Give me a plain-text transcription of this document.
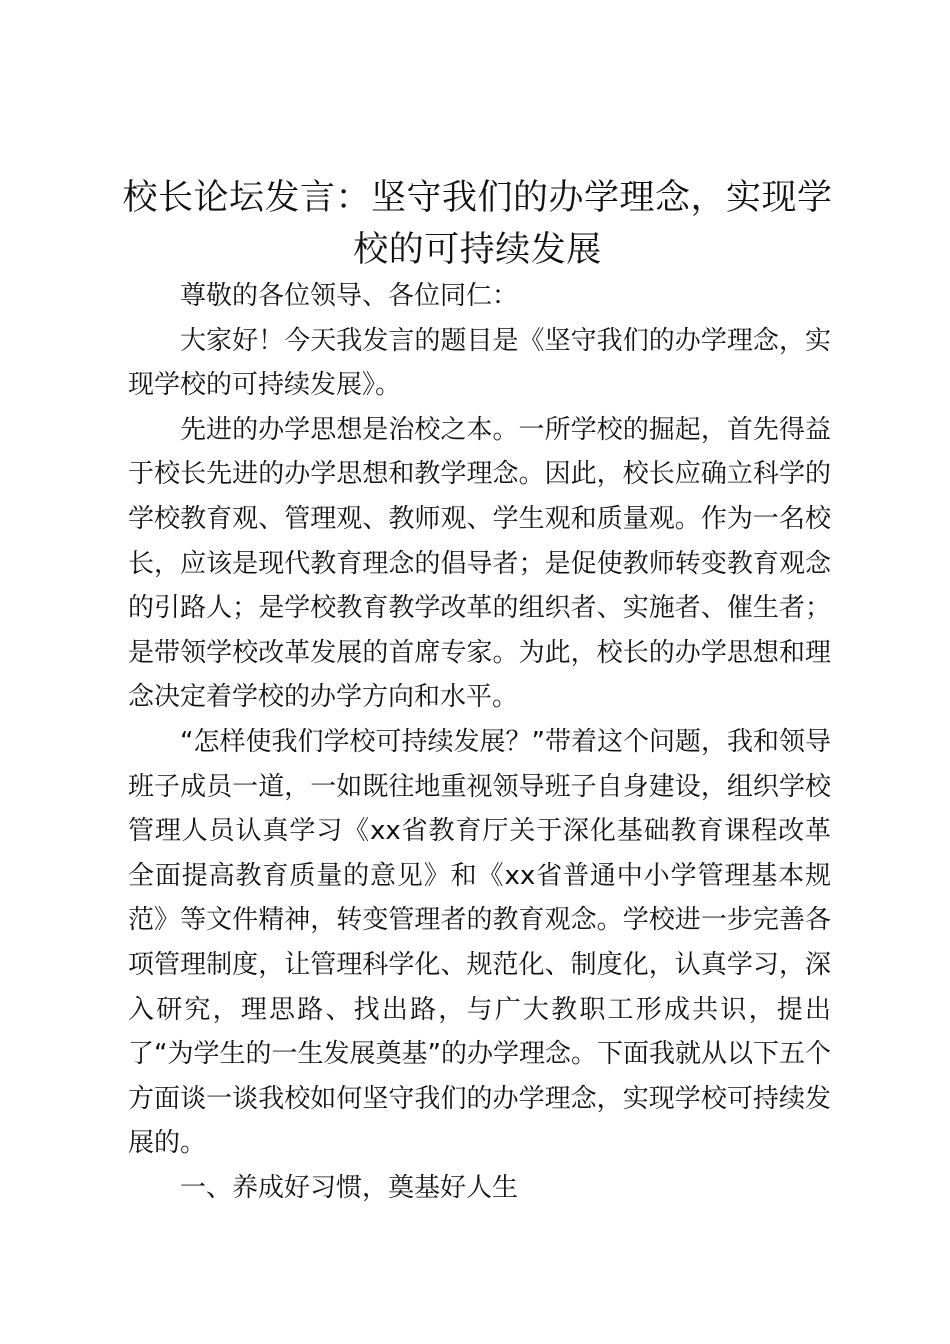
校长论坛发言：坚守我们的办学理念，实现学校的可持续发展

尊敬的各位领导、各位同仁：

大家好！今天我发言的题目是《坚守我们的办学理念，实现学校的可持续发展》。

先进的办学思想是治校之本。一所学校的掘起，首先得益于校长先进的办学思想和教学理念。因此，校长应确立科学的学校教育观、管理观、教师观、学生观和质量观。作为一名校长，应该是现代教育理念的倡导者；是促使教师转变教育观念的引路人；是学校教育教学改革的组织者、实施者、催生者；是带领学校改革发展的首席专家。为此，校长的办学思想和理念决定着学校的办学方向和水平。

“怎样使我们学校可持续发展？”带着这个问题，我和领导班子成员一道，一如既往地重视领导班子自身建设，组织学校管理人员认真学习《xx省教育厅关于深化基础教育课程改革全面提高教育质量的意见》和《xx省普通中小学管理基本规范》等文件精神，转变管理者的教育观念。学校进一步完善各项管理制度，让管理科学化、规范化、制度化，认真学习，深入研究，理思路、找出路，与广大教职工形成共识，提出了“为学生的一生发展奠基”的办学理念。下面我就从以下五个方面谈一谈我校如何坚守我们的办学理念，实现学校可持续发展的。

一、养成好习惯，奠基好人生
